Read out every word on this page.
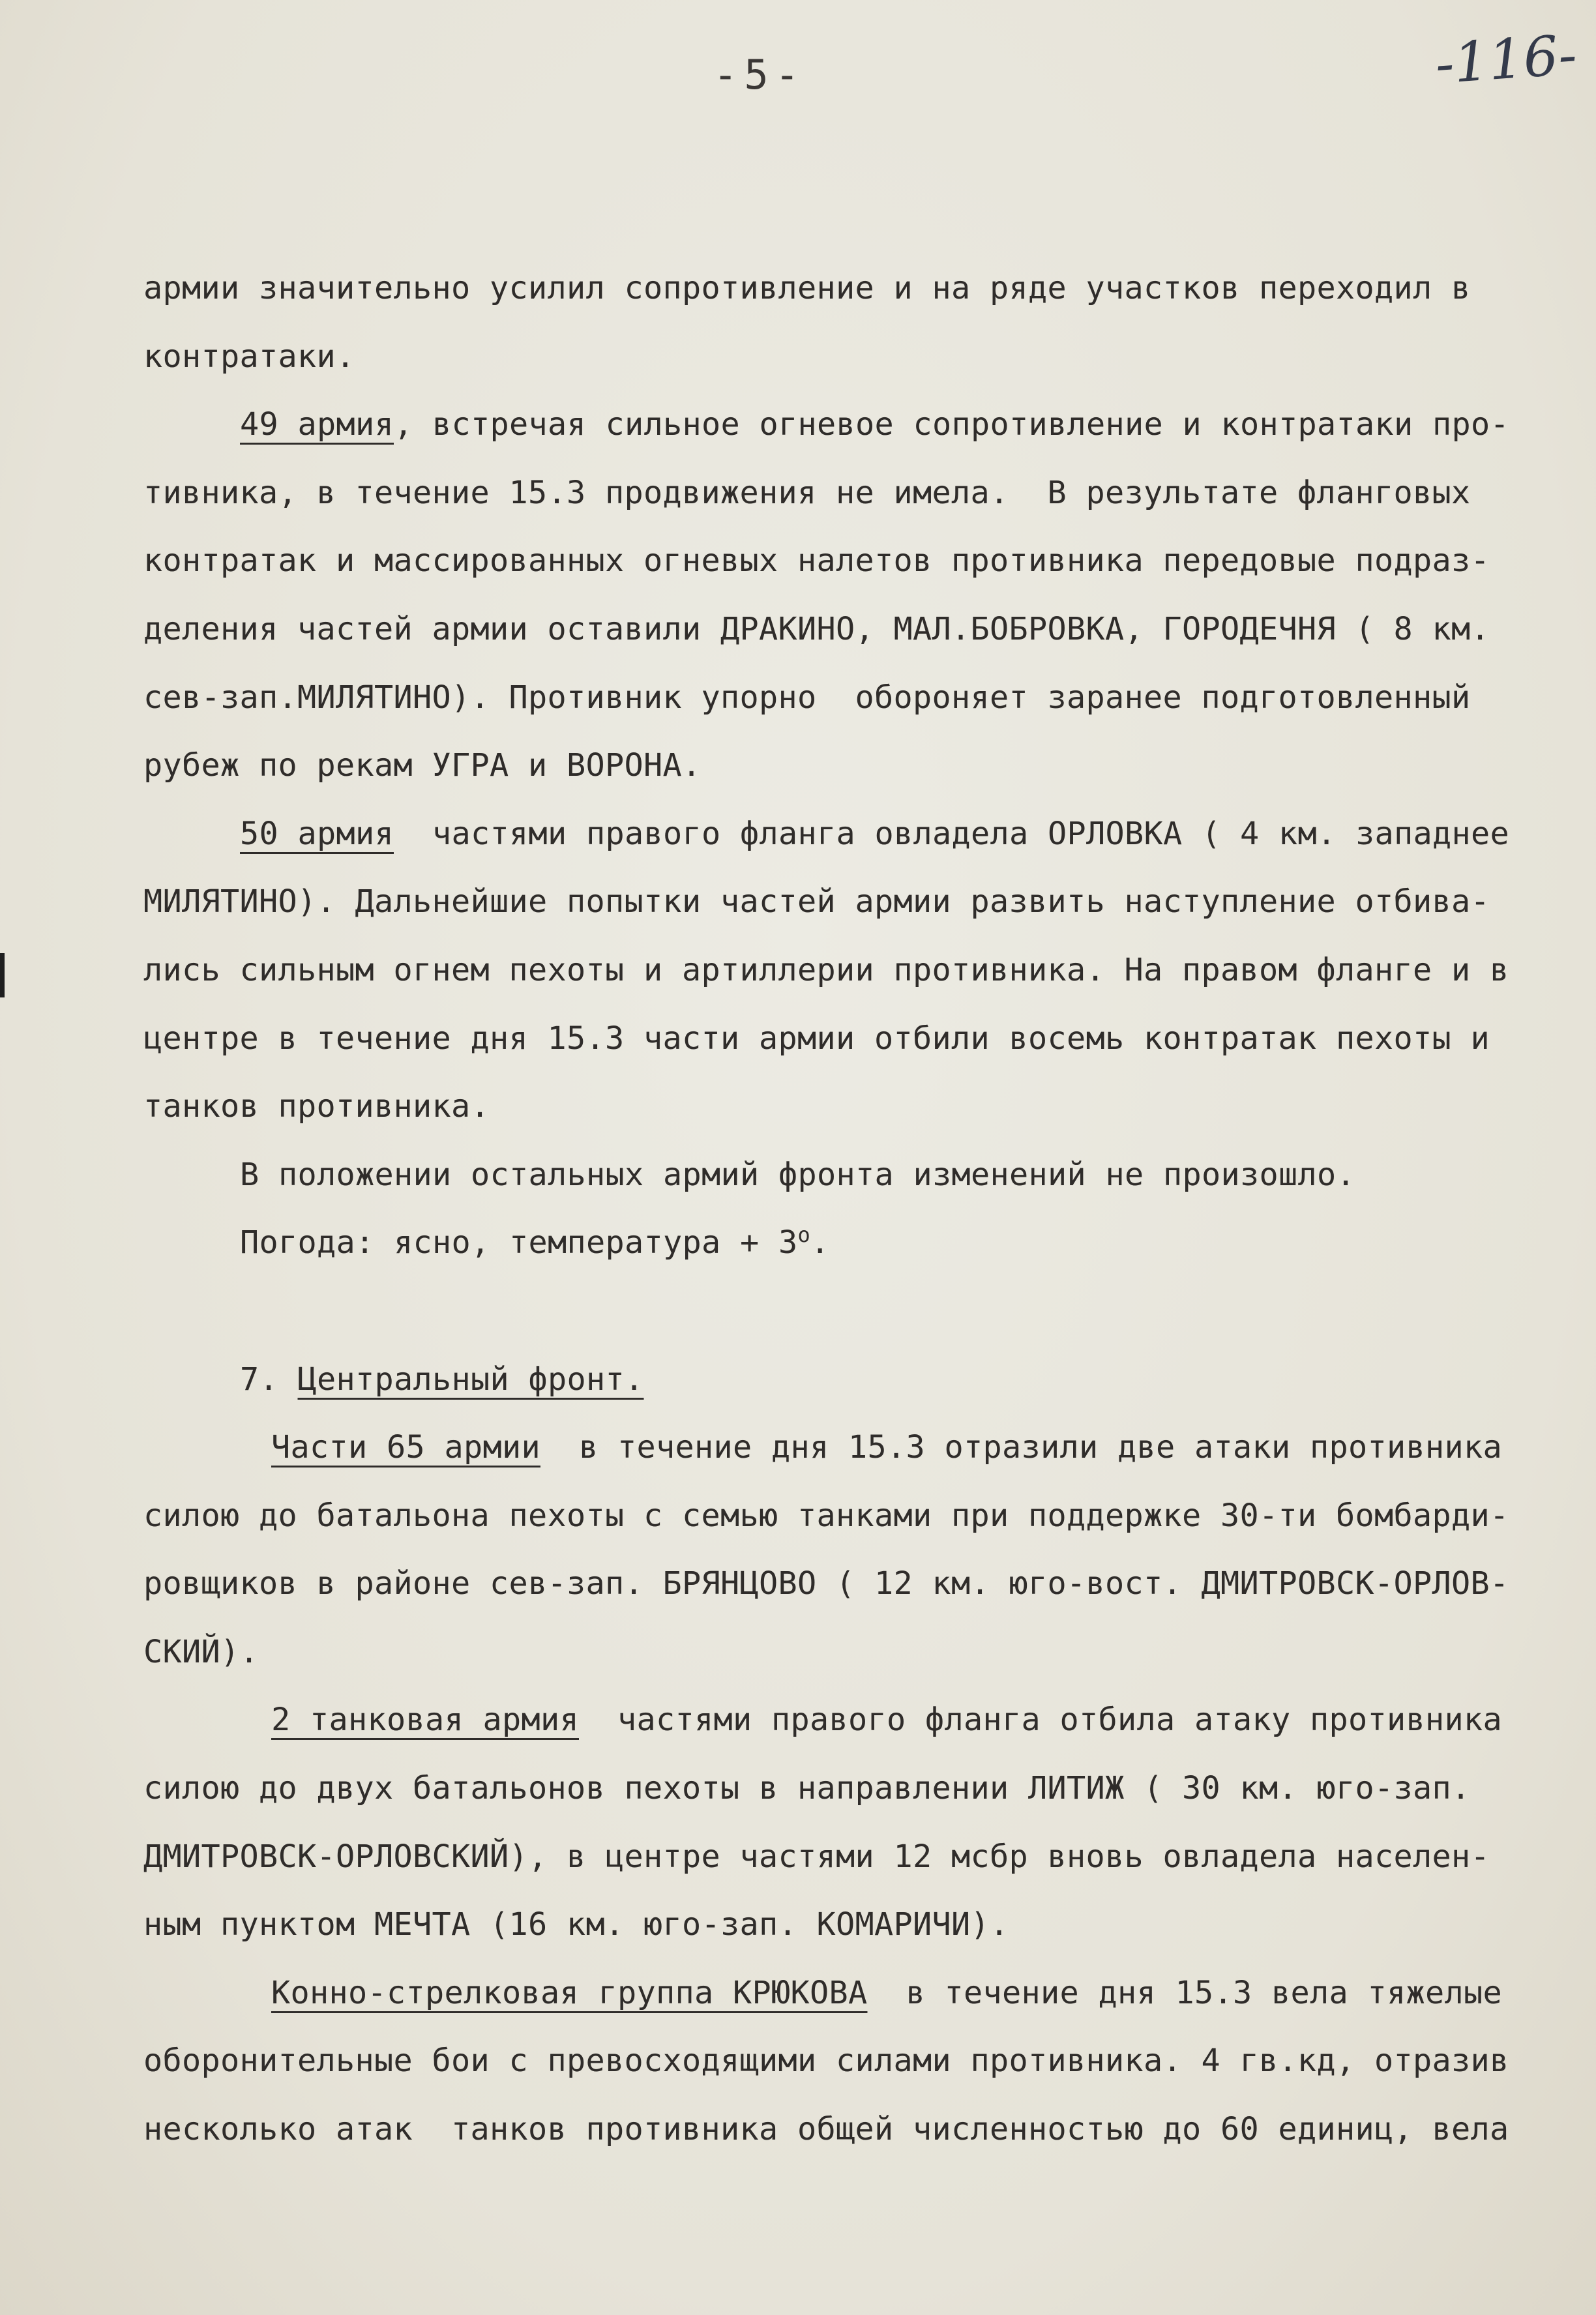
-5-	-116-
армии значительно усилил сопротивление и на ряде участков переходил в
контратаки.
49 армия, встречая сильное огневое сопротивление и контратаки про-
тивника, в течение 15.3 продвижения не имела.  В результате фланговых
контратак и массированных огневых налетов противника передовые подраз-
деления частей армии оставили ДРАКИНО, МАЛ.БОБРОВКА, ГОРОДЕЧНЯ ( 8 км.
сев-зап.МИЛЯТИНО). Противник упорно  обороняет заранее подготовленный
рубеж по рекам УГРА и ВОРОНА.
50 армия  частями правого фланга овладела ОРЛОВКА ( 4 км. западнее
МИЛЯТИНО). Дальнейшие попытки частей армии развить наступление отбива-
лись сильным огнем пехоты и артиллерии противника. На правом фланге и в
центре в течение дня 15.3 части армии отбили восемь контратак пехоты и
танков противника.
В положении остальных армий фронта изменений не произошло.
Погода: ясно, температура + $3^о$.
7. Центральный фронт.
Части 65 армии  в течение дня 15.3 отразили две атаки противника
силою до батальона пехоты с семью танками при поддержке 30-ти бомбарди-
ровщиков в районе сев-зап. БРЯНЦОВО ( 12 км. юго-вост. ДМИТРОВСК-ОРЛОВ-
СКИЙ).
2 танковая армия  частями правого фланга отбила атаку противника
силою до двух батальонов пехоты в направлении ЛИТИЖ ( 30 км. юго-зап.
ДМИТРОВСК-ОРЛОВСКИЙ), в центре частями 12 мсбр вновь овладела населен-
ным пунктом МЕЧТА (16 км. юго-зап. КОМАРИЧИ).
Конно-стрелковая группа КРЮКОВА  в течение дня 15.3 вела тяжелые
оборонительные бои с превосходящими силами противника. 4 гв.кд, отразив
несколько атак  танков противника общей численностью до 60 единиц, вела
